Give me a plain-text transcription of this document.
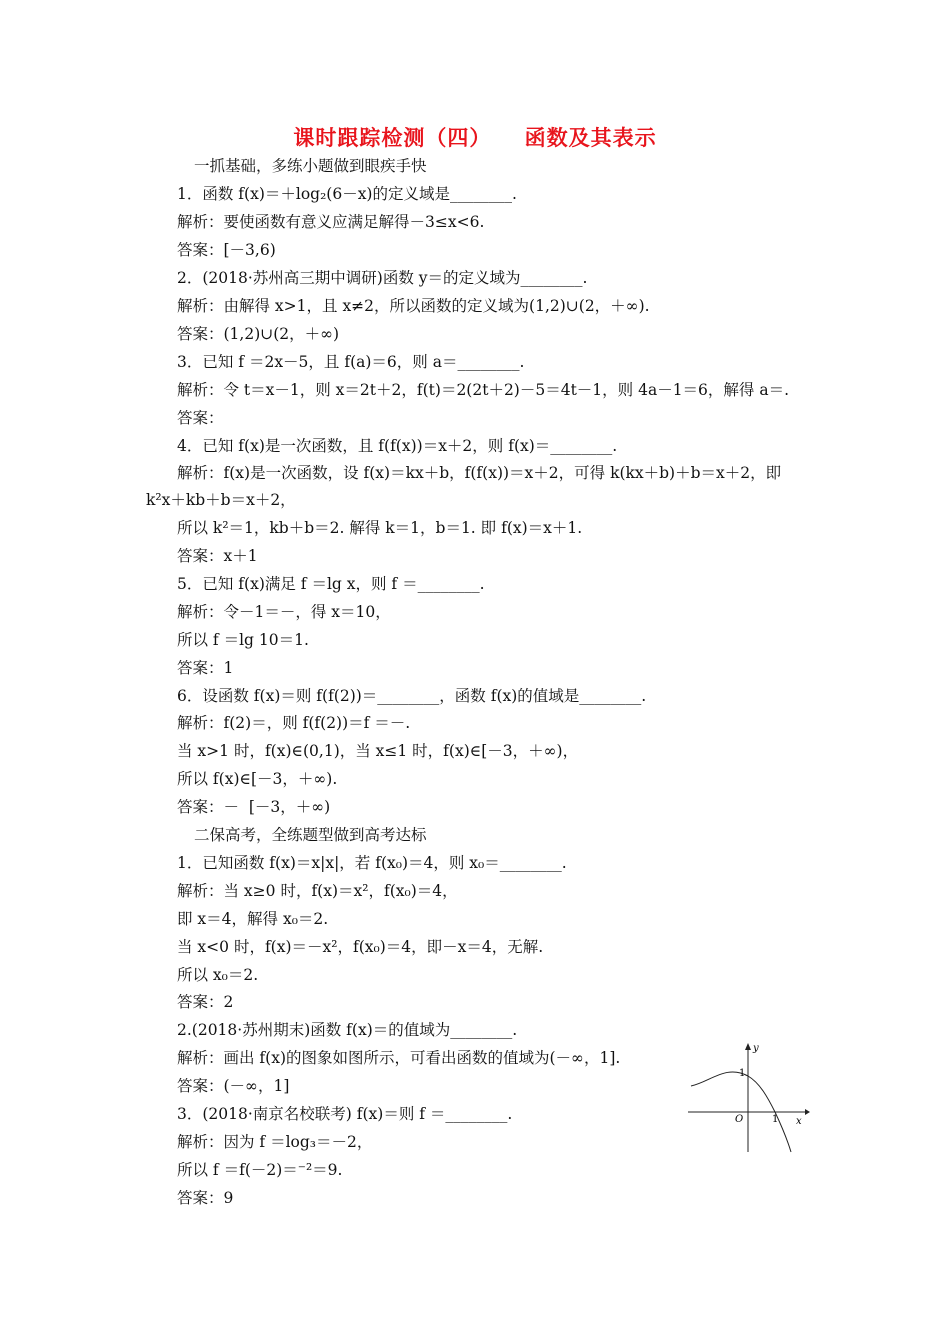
课时跟踪检测（四）    函数及其表示
一抓基础，多练小题做到眼疾手快
1．函数 f(x)＝＋log₂(6－x)的定义域是________.
解析：要使函数有意义应满足解得－3≤x<6.
答案：[－3,6)
2．(2018·苏州高三期中调研)函数 y＝的定义域为________.
解析：由解得 x>1，且 x≠2，所以函数的定义域为(1,2)∪(2，＋∞).
答案：(1,2)∪(2，＋∞)
3．已知 f ＝2x－5，且 f(a)＝6，则 a＝________.
解析：令 t＝x－1，则 x＝2t＋2，f(t)＝2(2t＋2)－5＝4t－1，则 4a－1＝6，解得 a＝.
答案：
4．已知 f(x)是一次函数，且 f(f(x))＝x＋2，则 f(x)＝________.
解析：f(x)是一次函数，设 f(x)＝kx＋b，f(f(x))＝x＋2，可得 k(kx＋b)＋b＝x＋2，即
k²x＋kb＋b＝x＋2，
所以 k²＝1，kb＋b＝2. 解得 k＝1，b＝1. 即 f(x)＝x＋1.
答案：x＋1
5．已知 f(x)满足 f ＝lg x，则 f ＝________.
解析：令－1＝－，得 x＝10，
所以 f ＝lg 10＝1.
答案：1
6．设函数 f(x)＝则 f(f(2))＝________，函数 f(x)的值域是________.
解析：f(2)＝，则 f(f(2))＝f ＝－.
当 x>1 时，f(x)∈(0,1)，当 x≤1 时，f(x)∈[－3，＋∞)，
所以 f(x)∈[－3，＋∞).
答案：－  [－3，＋∞)
二保高考，全练题型做到高考达标
1．已知函数 f(x)＝x|x|，若 f(x₀)＝4，则 x₀＝________.
解析：当 x≥0 时，f(x)＝x²，f(x₀)＝4，
即 x＝4，解得 x₀＝2.
当 x<0 时，f(x)＝－x²，f(x₀)＝4，即－x＝4，无解.
所以 x₀＝2.
答案：2
2.(2018·苏州期末)函数 f(x)＝的值域为________.
解析：画出 f(x)的图象如图所示，可看出函数的值域为(－∞，1].
答案：(－∞，1]
3．(2018·南京名校联考) f(x)＝则 f ＝________.
解析：因为 f ＝log₃＝－2，
所以 f ＝f(－2)＝⁻²＝9.
答案：9
y
x
O	1
1
